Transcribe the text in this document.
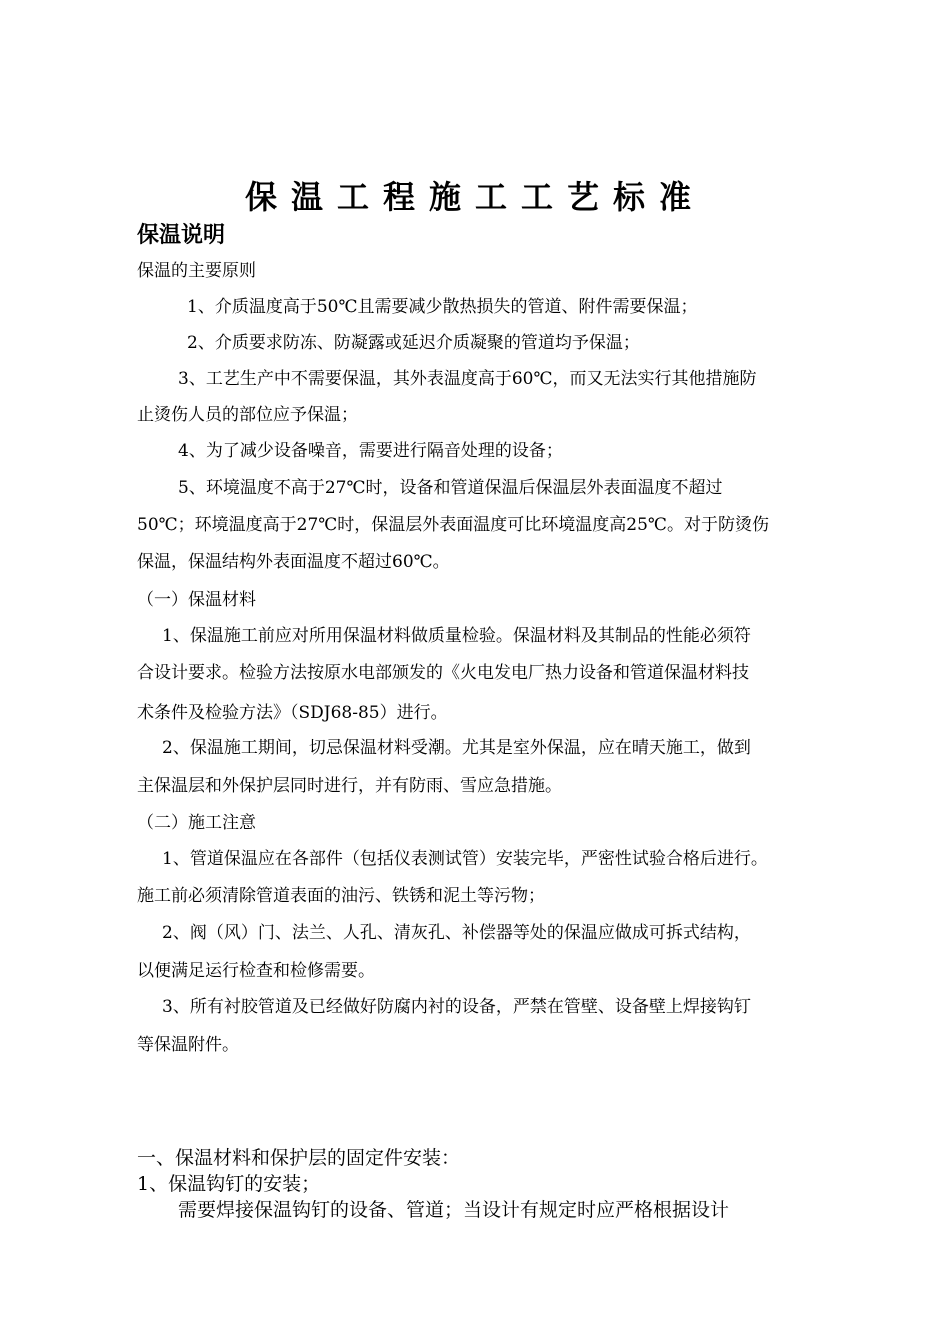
保温工程施工工艺标准
保温说明
保温的主要原则
1、介质温度高于50℃且需要减少散热损失的管道、附件需要保温；
2、介质要求防冻、防凝露或延迟介质凝聚的管道均予保温；
3、工艺生产中不需要保温，其外表温度高于60℃，而又无法实行其他措施防
止烫伤人员的部位应予保温；
4、为了减少设备噪音，需要进行隔音处理的设备；
5、环境温度不高于27℃时，设备和管道保温后保温层外表面温度不超过
50℃；环境温度高于27℃时，保温层外表面温度可比环境温度高25℃。对于防烫伤
保温，保温结构外表面温度不超过60℃。
（一）保温材料
1、保温施工前应对所用保温材料做质量检验。保温材料及其制品的性能必须符
合设计要求。检验方法按原水电部颁发的《火电发电厂热力设备和管道保温材料技
术条件及检验方法》（SDJ68-85）进行。
2、保温施工期间，切忌保温材料受潮。尤其是室外保温，应在晴天施工，做到
主保温层和外保护层同时进行，并有防雨、雪应急措施。
（二）施工注意
1、管道保温应在各部件（包括仪表测试管）安装完毕，严密性试验合格后进行。
施工前必须清除管道表面的油污、铁锈和泥土等污物；
2、阀（风）门、法兰、人孔、清灰孔、补偿器等处的保温应做成可拆式结构，
以便满足运行检查和检修需要。
3、所有衬胶管道及已经做好防腐内衬的设备，严禁在管壁、设备壁上焊接钩钉
等保温附件。
一、保温材料和保护层的固定件安装：
1、保温钩钉的安装；
需要焊接保温钩钉的设备、管道；当设计有规定时应严格根据设计
